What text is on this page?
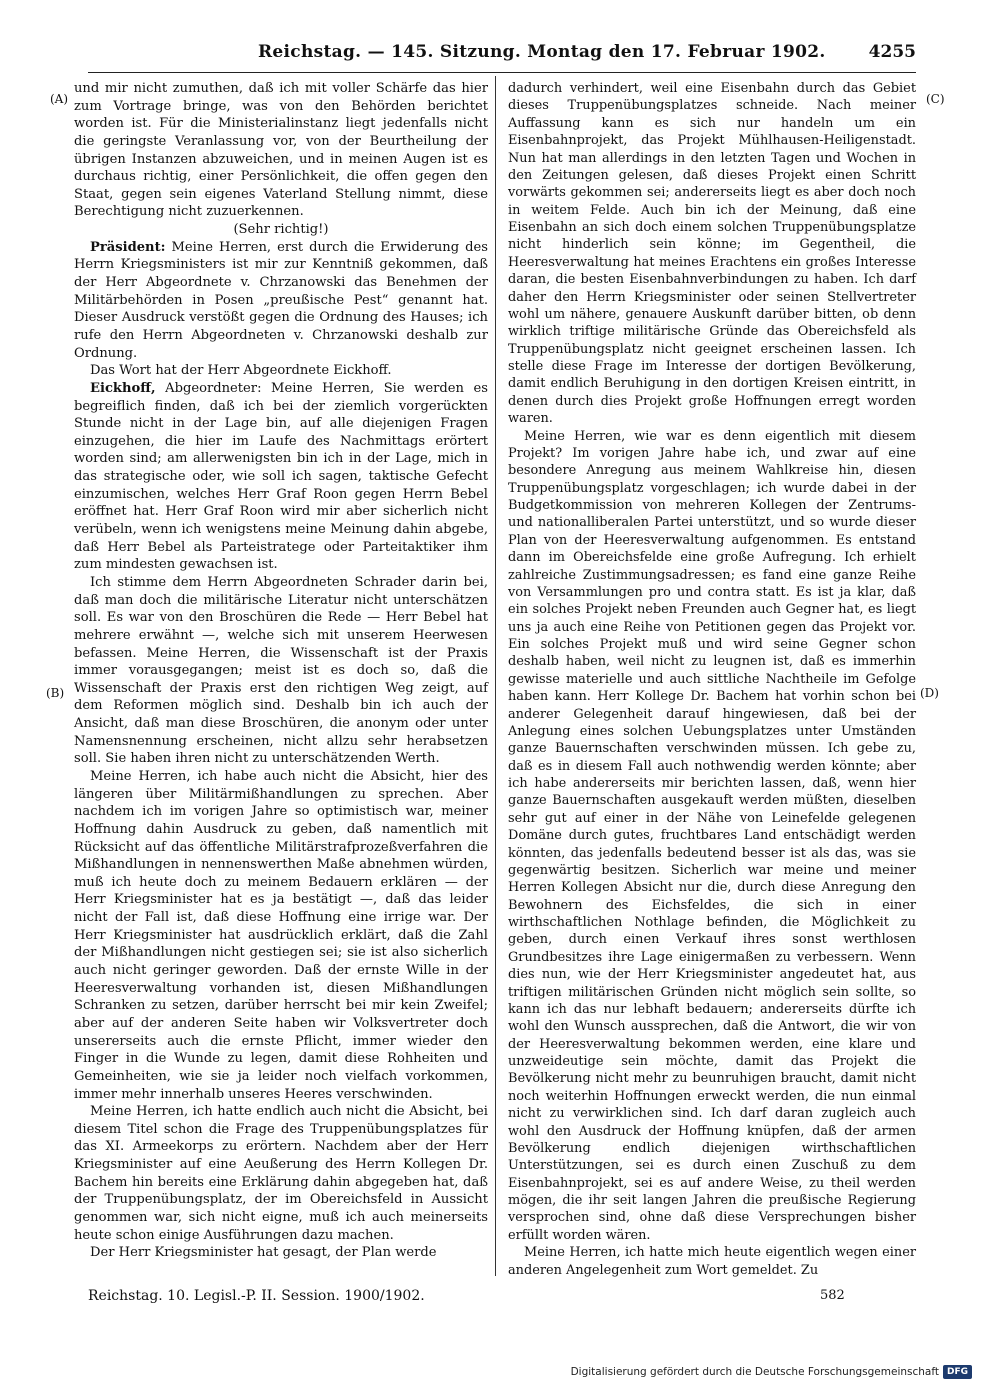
Reichstag. — 145. Sitzung. Montag den 17. Februar 1902.	4255
(A)
(B)
(C)
(D)

und mir nicht zumuthen, daß ich mit voller Schärfe das hier zum Vortrage bringe, was von den Behörden berichtet worden ist. Für die Ministerialinstanz liegt jedenfalls nicht die geringste Veranlassung vor, von der Beurtheilung der übrigen Instanzen abzuweichen, und in meinen Augen ist es durchaus richtig, einer Persönlichkeit, die offen gegen den Staat, gegen sein eigenes Vaterland Stellung nimmt, diese Berechtigung nicht zuzuerkennen.

(Sehr richtig!)

Präsident: Meine Herren, erst durch die Erwiderung des Herrn Kriegsministers ist mir zur Kenntniß gekommen, daß der Herr Abgeordnete v. Chrzanowski das Benehmen der Militärbehörden in Posen „preußische Pest“ genannt hat. Dieser Ausdruck verstößt gegen die Ordnung des Hauses; ich rufe den Herrn Abgeordneten v. Chrzanowski deshalb zur Ordnung.

Das Wort hat der Herr Abgeordnete Eickhoff.

Eickhoff, Abgeordneter: Meine Herren, Sie werden es begreiflich finden, daß ich bei der ziemlich vorgerückten Stunde nicht in der Lage bin, auf alle diejenigen Fragen einzugehen, die hier im Laufe des Nachmittags erörtert worden sind; am allerwenigsten bin ich in der Lage, mich in das strategische oder, wie soll ich sagen, taktische Gefecht einzumischen, welches Herr Graf Roon gegen Herrn Bebel eröffnet hat. Herr Graf Roon wird mir aber sicherlich nicht verübeln, wenn ich wenigstens meine Meinung dahin abgebe, daß Herr Bebel als Parteistratege oder Parteitaktiker ihm zum mindesten gewachsen ist.

Ich stimme dem Herrn Abgeordneten Schrader darin bei, daß man doch die militärische Literatur nicht unterschätzen soll. Es war von den Broschüren die Rede — Herr Bebel hat mehrere erwähnt —, welche sich mit unserem Heerwesen befassen. Meine Herren, die Wissenschaft ist der Praxis immer vorausgegangen; meist ist es doch so, daß die Wissenschaft der Praxis erst den richtigen Weg zeigt, auf dem Reformen möglich sind. Deshalb bin ich auch der Ansicht, daß man diese Broschüren, die anonym oder unter Namensnennung erscheinen, nicht allzu sehr herabsetzen soll. Sie haben ihren nicht zu unterschätzenden Werth.

Meine Herren, ich habe auch nicht die Absicht, hier des längeren über Militärmißhandlungen zu sprechen. Aber nachdem ich im vorigen Jahre so optimistisch war, meiner Hoffnung dahin Ausdruck zu geben, daß namentlich mit Rücksicht auf das öffentliche Militärstrafprozeßverfahren die Mißhandlungen in nennenswerthen Maße abnehmen würden, muß ich heute doch zu meinem Bedauern erklären — der Herr Kriegsminister hat es ja bestätigt —, daß das leider nicht der Fall ist, daß diese Hoffnung eine irrige war. Der Herr Kriegsminister hat ausdrücklich erklärt, daß die Zahl der Mißhandlungen nicht gestiegen sei; sie ist also sicherlich auch nicht geringer geworden. Daß der ernste Wille in der Heeresverwaltung vorhanden ist, diesen Mißhandlungen Schranken zu setzen, darüber herrscht bei mir kein Zweifel; aber auf der anderen Seite haben wir Volksvertreter doch unsererseits auch die ernste Pflicht, immer wieder den Finger in die Wunde zu legen, damit diese Rohheiten und Gemeinheiten, wie sie ja leider noch vielfach vorkommen, immer mehr innerhalb unseres Heeres verschwinden.

Meine Herren, ich hatte endlich auch nicht die Absicht, bei diesem Titel schon die Frage des Truppenübungsplatzes für das XI. Armeekorps zu erörtern. Nachdem aber der Herr Kriegsminister auf eine Aeußerung des Herrn Kollegen Dr. Bachem hin bereits eine Erklärung dahin abgegeben hat, daß der Truppenübungsplatz, der im Obereichsfeld in Aussicht genommen war, sich nicht eigne, muß ich auch meinerseits heute schon einige Ausführungen dazu machen.

Der Herr Kriegsminister hat gesagt, der Plan werde

dadurch verhindert, weil eine Eisenbahn durch das Gebiet dieses Truppenübungsplatzes schneide. Nach meiner Auffassung kann es sich nur handeln um ein Eisenbahnprojekt, das Projekt Mühlhausen-Heiligenstadt. Nun hat man allerdings in den letzten Tagen und Wochen in den Zeitungen gelesen, daß dieses Projekt einen Schritt vorwärts gekommen sei; andererseits liegt es aber doch noch in weitem Felde. Auch bin ich der Meinung, daß eine Eisenbahn an sich doch einem solchen Truppenübungsplatze nicht hinderlich sein könne; im Gegentheil, die Heeresverwaltung hat meines Erachtens ein großes Interesse daran, die besten Eisenbahnverbindungen zu haben. Ich darf daher den Herrn Kriegsminister oder seinen Stellvertreter wohl um nähere, genauere Auskunft darüber bitten, ob denn wirklich triftige militärische Gründe das Obereichsfeld als Truppenübungsplatz nicht geeignet erscheinen lassen. Ich stelle diese Frage im Interesse der dortigen Bevölkerung, damit endlich Beruhigung in den dortigen Kreisen eintritt, in denen durch dies Projekt große Hoffnungen erregt worden waren.

Meine Herren, wie war es denn eigentlich mit diesem Projekt? Im vorigen Jahre habe ich, und zwar auf eine besondere Anregung aus meinem Wahlkreise hin, diesen Truppenübungsplatz vorgeschlagen; ich wurde dabei in der Budgetkommission von mehreren Kollegen der Zentrums- und nationalliberalen Partei unterstützt, und so wurde dieser Plan von der Heeresverwaltung aufgenommen. Es entstand dann im Obereichsfelde eine große Aufregung. Ich erhielt zahlreiche Zustimmungsadressen; es fand eine ganze Reihe von Versammlungen pro und contra statt. Es ist ja klar, daß ein solches Projekt neben Freunden auch Gegner hat, es liegt uns ja auch eine Reihe von Petitionen gegen das Projekt vor. Ein solches Projekt muß und wird seine Gegner schon deshalb haben, weil nicht zu leugnen ist, daß es immerhin gewisse materielle und auch sittliche Nachtheile im Gefolge haben kann. Herr Kollege Dr. Bachem hat vorhin schon bei anderer Gelegenheit darauf hingewiesen, daß bei der Anlegung eines solchen Uebungsplatzes unter Umständen ganze Bauernschaften verschwinden müssen. Ich gebe zu, daß es in diesem Fall auch nothwendig werden könnte; aber ich habe andererseits mir berichten lassen, daß, wenn hier ganze Bauernschaften ausgekauft werden müßten, dieselben sehr gut auf einer in der Nähe von Leinefelde gelegenen Domäne durch gutes, fruchtbares Land entschädigt werden könnten, das jedenfalls bedeutend besser ist als das, was sie gegenwärtig besitzen. Sicherlich war meine und meiner Herren Kollegen Absicht nur die, durch diese Anregung den Bewohnern des Eichsfeldes, die sich in einer wirthschaftlichen Nothlage befinden, die Möglichkeit zu geben, durch einen Verkauf ihres sonst werthlosen Grundbesitzes ihre Lage einigermaßen zu verbessern. Wenn dies nun, wie der Herr Kriegsminister angedeutet hat, aus triftigen militärischen Gründen nicht möglich sein sollte, so kann ich das nur lebhaft bedauern; andererseits dürfte ich wohl den Wunsch aussprechen, daß die Antwort, die wir von der Heeresverwaltung bekommen werden, eine klare und unzweideutige sein möchte, damit das Projekt die Bevölkerung nicht mehr zu beunruhigen braucht, damit nicht noch weiterhin Hoffnungen erweckt werden, die nun einmal nicht zu verwirklichen sind. Ich darf daran zugleich auch wohl den Ausdruck der Hoffnung knüpfen, daß der armen Bevölkerung endlich diejenigen wirthschaftlichen Unterstützungen, sei es durch einen Zuschuß zu dem Eisenbahnprojekt, sei es auf andere Weise, zu theil werden mögen, die ihr seit langen Jahren die preußische Regierung versprochen sind, ohne daß diese Versprechungen bisher erfüllt worden wären.

Meine Herren, ich hatte mich heute eigentlich wegen einer anderen Angelegenheit zum Wort gemeldet. Zu

Reichstag. 10. Legisl.-P. II. Session. 1900/1902.	582
Digitalisierung gefördert durch die Deutsche Forschungsgemeinschaft DFG
